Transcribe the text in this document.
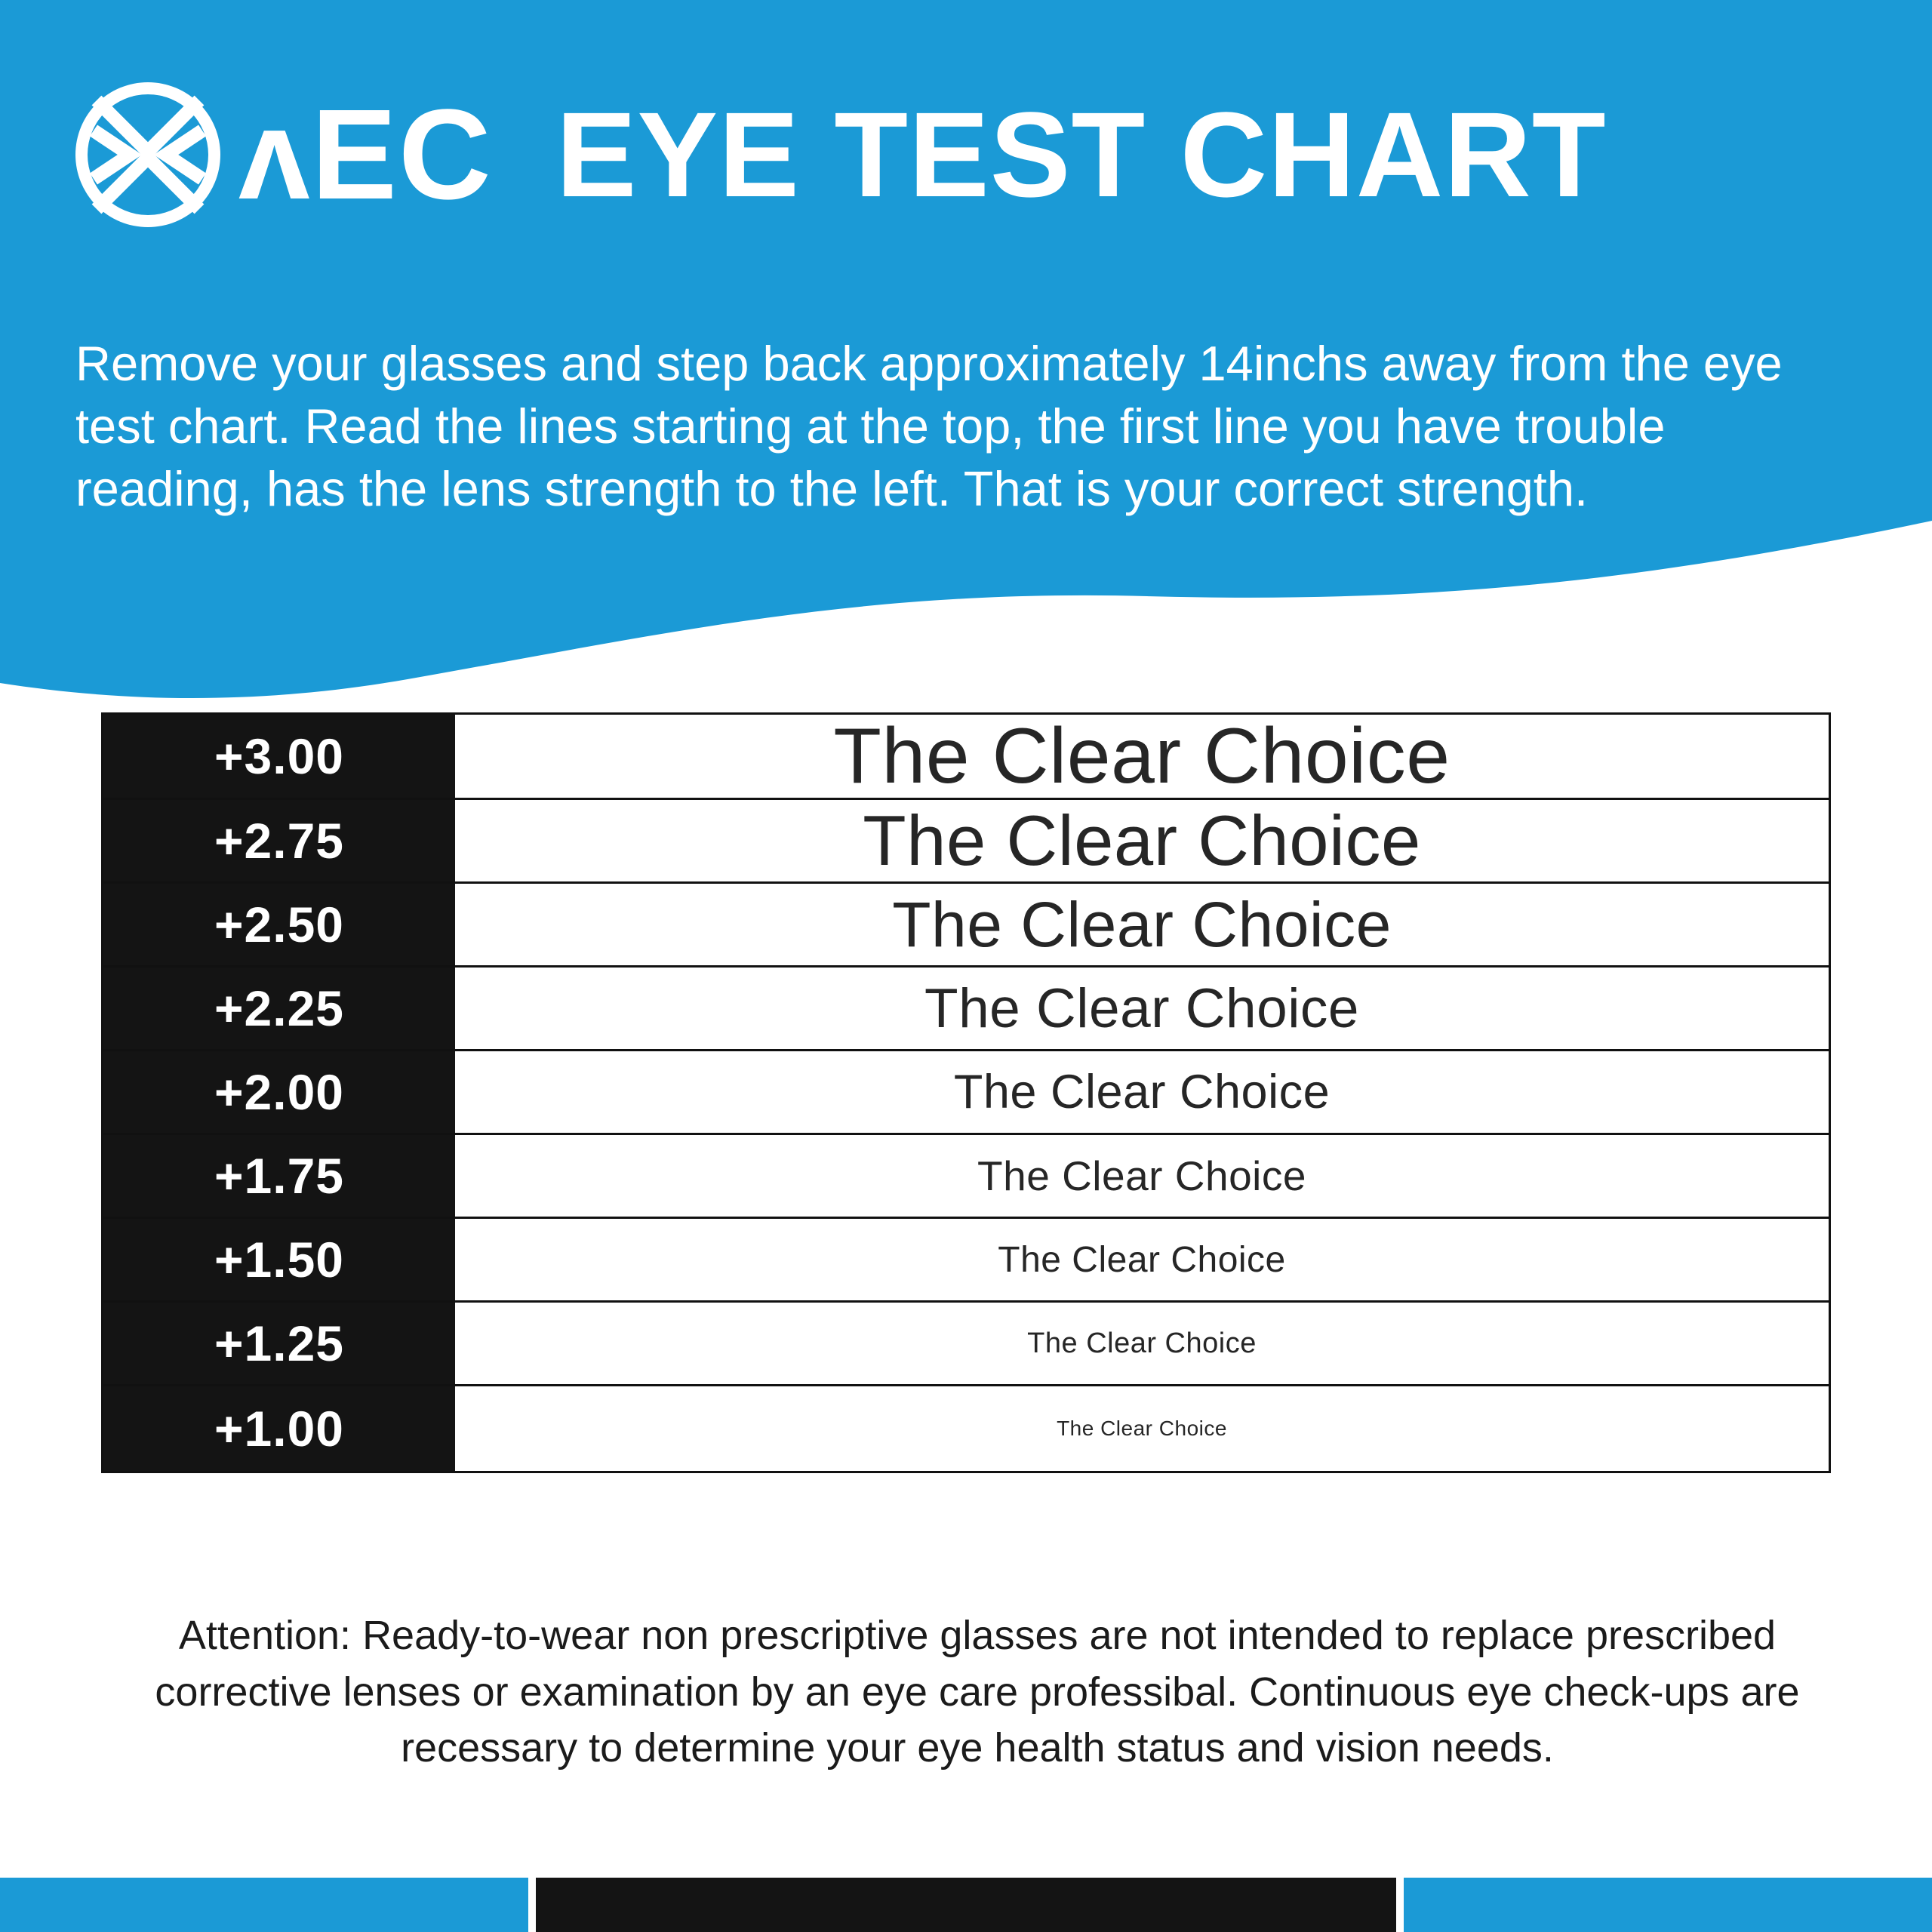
ʌEC EYE TEST CHART
Remove your glasses and step back approximately 14inchs away from the eye test chart. Read the lines starting at the top, the first line you have trouble reading, has the lens strength to the left. That is your correct strength.
+3.00	The Clear Choice
+2.75	The Clear Choice
+2.50	The Clear Choice
+2.25	The Clear Choice
+2.00	The Clear Choice
+1.75	The Clear Choice
+1.50	The Clear Choice
+1.25	The Clear Choice
+1.00	The Clear Choice
Attention: Ready-to-wear non prescriptive glasses are not intended to replace prescribed corrective lenses or examination by an eye care professibal. Continuous eye check-ups are recessary to determine your eye health status and vision needs.
